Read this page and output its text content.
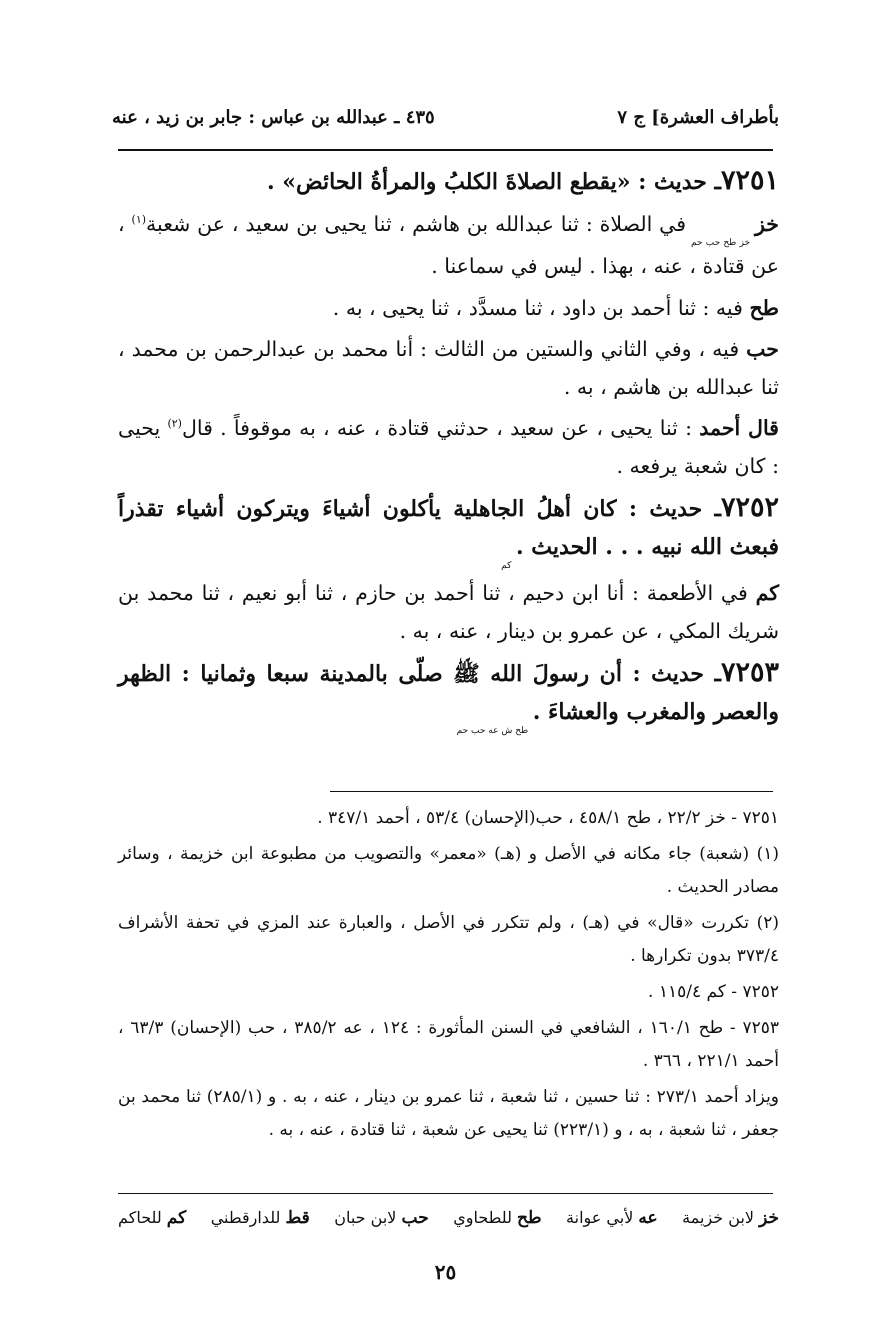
بأطراف العشرة] ج ٧
٤٣٥ ـ عبدالله بن عباس : جابر بن زيد ، عنه

٧٢٥١ـ حديث : «يقطع الصلاةَ الكلبُ والمرأةُ الحائض» .

خز $_{خز طح حب حم}$ في الصلاة : ثنا عبدالله بن هاشم ، ثنا يحيى بن سعيد ، عن شعبة$^{(١)}$ ، عن قتادة ، عنه ، بهذا . ليس في سماعنا .

طح فيه : ثنا أحمد بن داود ، ثنا مسدَّد ، ثنا يحيى ، به .

حب فيه ، وفي الثاني والستين من الثالث : أنا محمد بن عبدالرحمن بن محمد ، ثنا عبدالله بن هاشم ، به .

قال أحمد : ثنا يحيى ، عن سعيد ، حدثني قتادة ، عنه ، به موقوفاً . قال$^{(٢)}$ يحيى : كان شعبة يرفعه .

٧٢٥٢ـ حديث : كان أهلُ الجاهلية يأكلون أشياءَ ويتركون أشياء تقذراً فبعث الله نبيه . . . الحديث . $_{كم}$

كم في الأطعمة : أنا ابن دحيم ، ثنا أحمد بن حازم ، ثنا أبو نعيم ، ثنا محمد بن شريك المكي ، عن عمرو بن دينار ، عنه ، به .

٧٢٥٣ـ حديث : أن رسولَ الله ﷺ صلّى بالمدينة سبعا وثمانيا : الظهر والعصر والمغرب والعشاءَ . $_{طح ش عه حب حم}$

٧٢٥١ - خز ٢٢/٢ ، طح ٤٥٨/١ ، حب(الإحسان) ٥٣/٤ ، أحمد ٣٤٧/١ .

(١) (شعبة) جاء مكانه في الأصل و (هـ) «معمر» والتصويب من مطبوعة ابن خزيمة ، وسائر مصادر الحديث .

(٢) تكررت «قال» في (هـ) ، ولم تتكرر في الأصل ، والعبارة عند المزي في تحفة الأشراف ٣٧٣/٤ بدون تكرارها .

٧٢٥٢ - كم ١١٥/٤ .

٧٢٥٣ - طح ١٦٠/١ ، الشافعي في السنن المأثورة : ١٢٤ ، عه ٣٨٥/٢ ، حب (الإحسان) ٦٣/٣ ، أحمد ٢٢١/١ ، ٣٦٦ .

ويزاد أحمد ٢٧٣/١ : ثنا حسين ، ثنا شعبة ، ثنا عمرو بن دينار ، عنه ، به . و (٢٨٥/١) ثنا محمد بن جعفر ، ثنا شعبة ، به ، و (٢٢٣/١) ثنا يحيى عن شعبة ، ثنا قتادة ، عنه ، به .

خز لابن خزيمة
عه لأبي عوانة
طح للطحاوي
حب لابن حبان
قط للدارقطني
كم للحاكم
٢٥
